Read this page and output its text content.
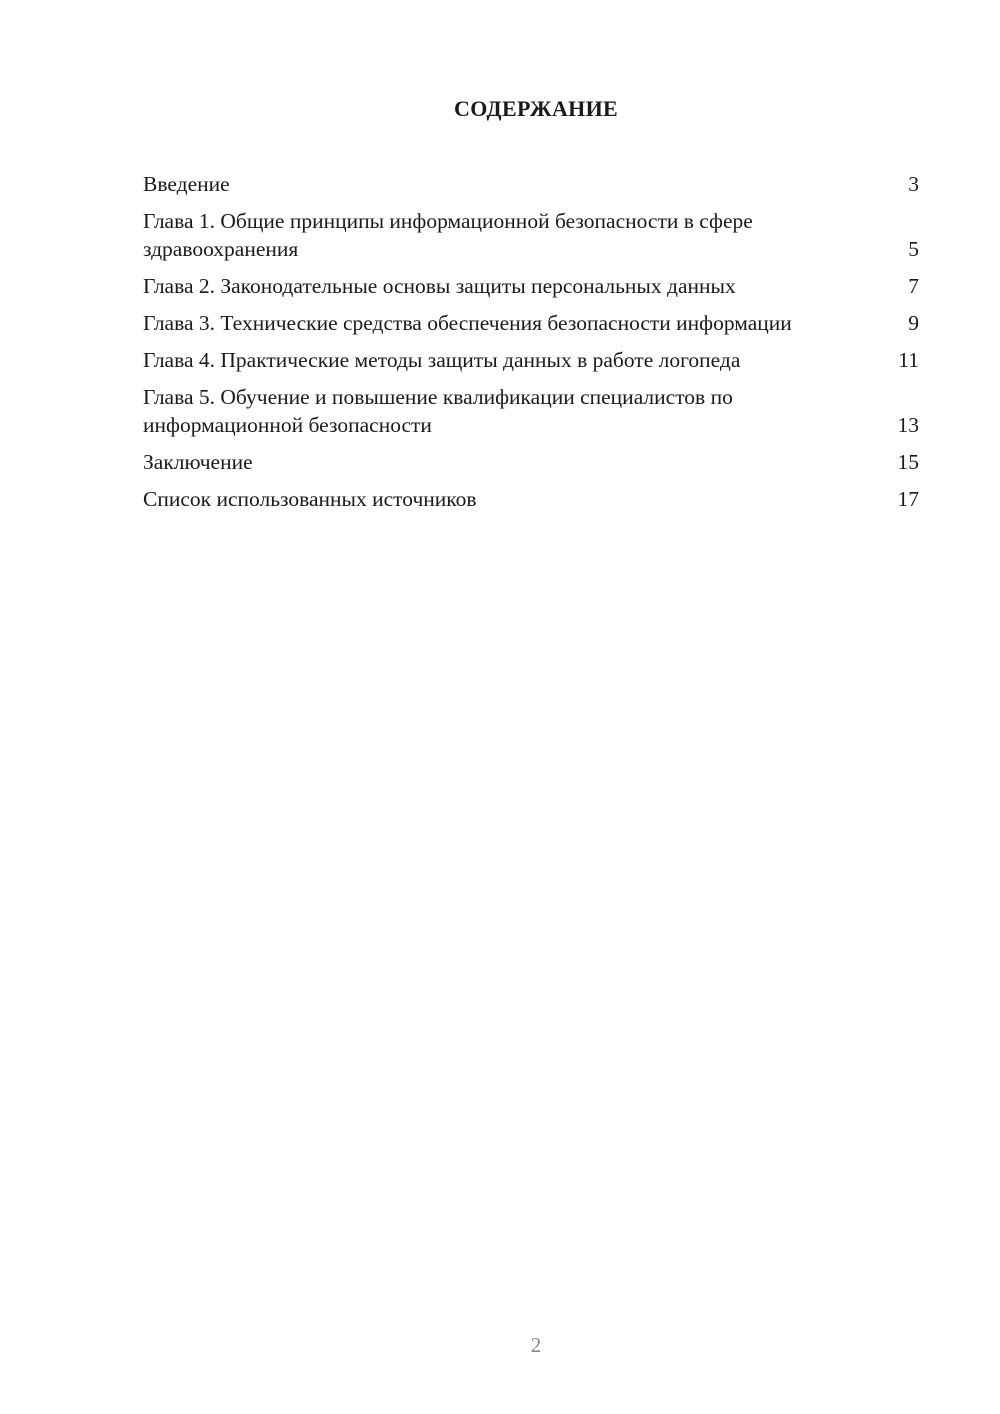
СОДЕРЖАНИЕ
Введение	3
Глава 1. Общие принципы информационной безопасности в сфере здравоохранения	5
Глава 2. Законодательные основы защиты персональных данных	7
Глава 3. Технические средства обеспечения безопасности информации	9
Глава 4. Практические методы защиты данных в работе логопеда	11
Глава 5. Обучение и повышение квалификации специалистов по информационной безопасности	13
Заключение	15
Список использованных источников	17

2
